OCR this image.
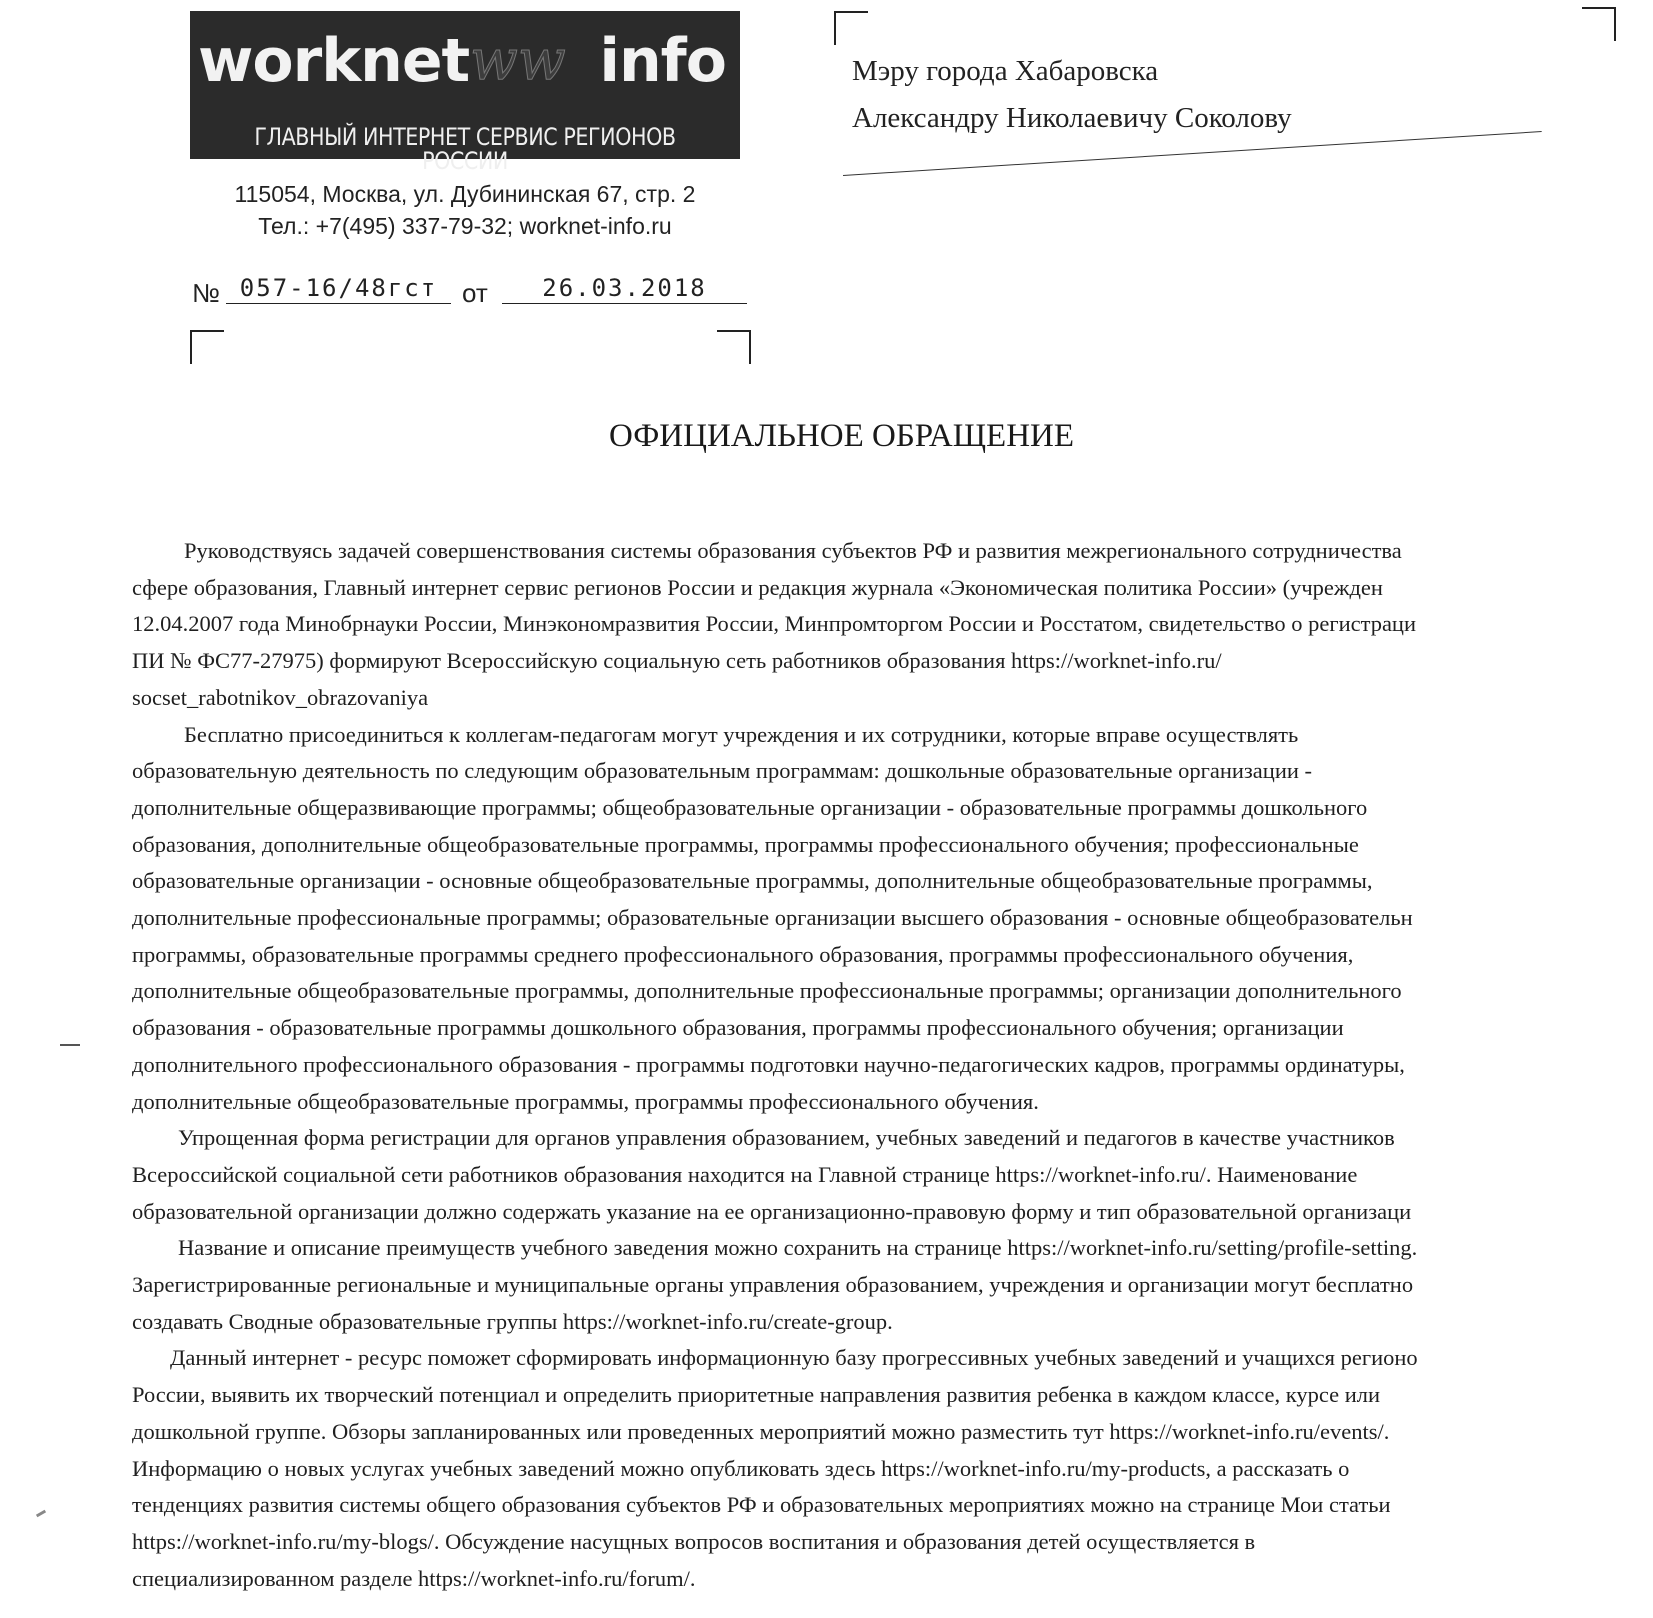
worknet ww info
ГЛАВНЫЙ ИНТЕРНЕТ СЕРВИС РЕГИОНОВ РОССИИ
115054, Москва, ул. Дубининская 67, стр. 2
Тел.: +7(495) 337-79-32; worknet-info.ru
№ 057-16/48гст от	26.03.2018
Мэру города Хабаровска
Александру Николаевичу Соколову
ОФИЦИАЛЬНОЕ ОБРАЩЕНИЕ

Руководствуясь задачей совершенствования системы образования субъектов РФ и развития межрегионального сотрудничества

сфере образования, Главный интернет сервис регионов России и редакция журнала «Экономическая политика России» (учрежден

12.04.2007 года Минобрнауки России, Минэкономразвития России, Минпромторгом России и Росстатом, свидетельство о регистраци

ПИ № ФС77-27975) формируют Всероссийскую социальную сеть работников образования https://worknet-info.ru/

socset_rabotnikov_obrazovaniya

Бесплатно присоединиться к коллегам-педагогам могут учреждения и их сотрудники, которые вправе осуществлять

образовательную деятельность по следующим образовательным программам: дошкольные образовательные организации -

дополнительные общеразвивающие программы; общеобразовательные организации - образовательные программы дошкольного

образования, дополнительные общеобразовательные программы, программы профессионального обучения; профессиональные

образовательные организации - основные общеобразовательные программы, дополнительные общеобразовательные программы,

дополнительные профессиональные программы; образовательные организации высшего образования - основные общеобразовательн

программы, образовательные программы среднего профессионального образования, программы профессионального обучения,

дополнительные общеобразовательные программы, дополнительные профессиональные программы; организации дополнительного

образования - образовательные программы дошкольного образования, программы профессионального обучения; организации

дополнительного профессионального образования - программы подготовки научно-педагогических кадров, программы ординатуры,

дополнительные общеобразовательные программы, программы профессионального обучения.

Упрощенная форма регистрации для органов управления образованием, учебных заведений и педагогов в качестве участников

Всероссийской социальной сети работников образования находится на Главной странице https://worknet-info.ru/. Наименование

образовательной организации должно содержать указание на ее организационно-правовую форму и тип образовательной организаци

Название и описание преимуществ учебного заведения можно сохранить на странице https://worknet-info.ru/setting/profile-setting.

Зарегистрированные региональные и муниципальные органы управления образованием, учреждения и организации могут бесплатно

создавать Сводные образовательные группы https://worknet-info.ru/create-group.

Данный интернет - ресурс поможет сформировать информационную базу прогрессивных учебных заведений и учащихся регионо

России, выявить их творческий потенциал и определить приоритетные направления развития ребенка в каждом классе, курсе или

дошкольной группе. Обзоры запланированных или проведенных мероприятий можно разместить тут https://worknet-info.ru/events/.

Информацию о новых услугах учебных заведений можно опубликовать здесь https://worknet-info.ru/my-products, а рассказать о

тенденциях развития системы общего образования субъектов РФ и образовательных мероприятиях можно на странице Мои статьи

https://worknet-info.ru/my-blogs/. Обсуждение насущных вопросов воспитания и образования детей осуществляется в

специализированном разделе https://worknet-info.ru/forum/.
